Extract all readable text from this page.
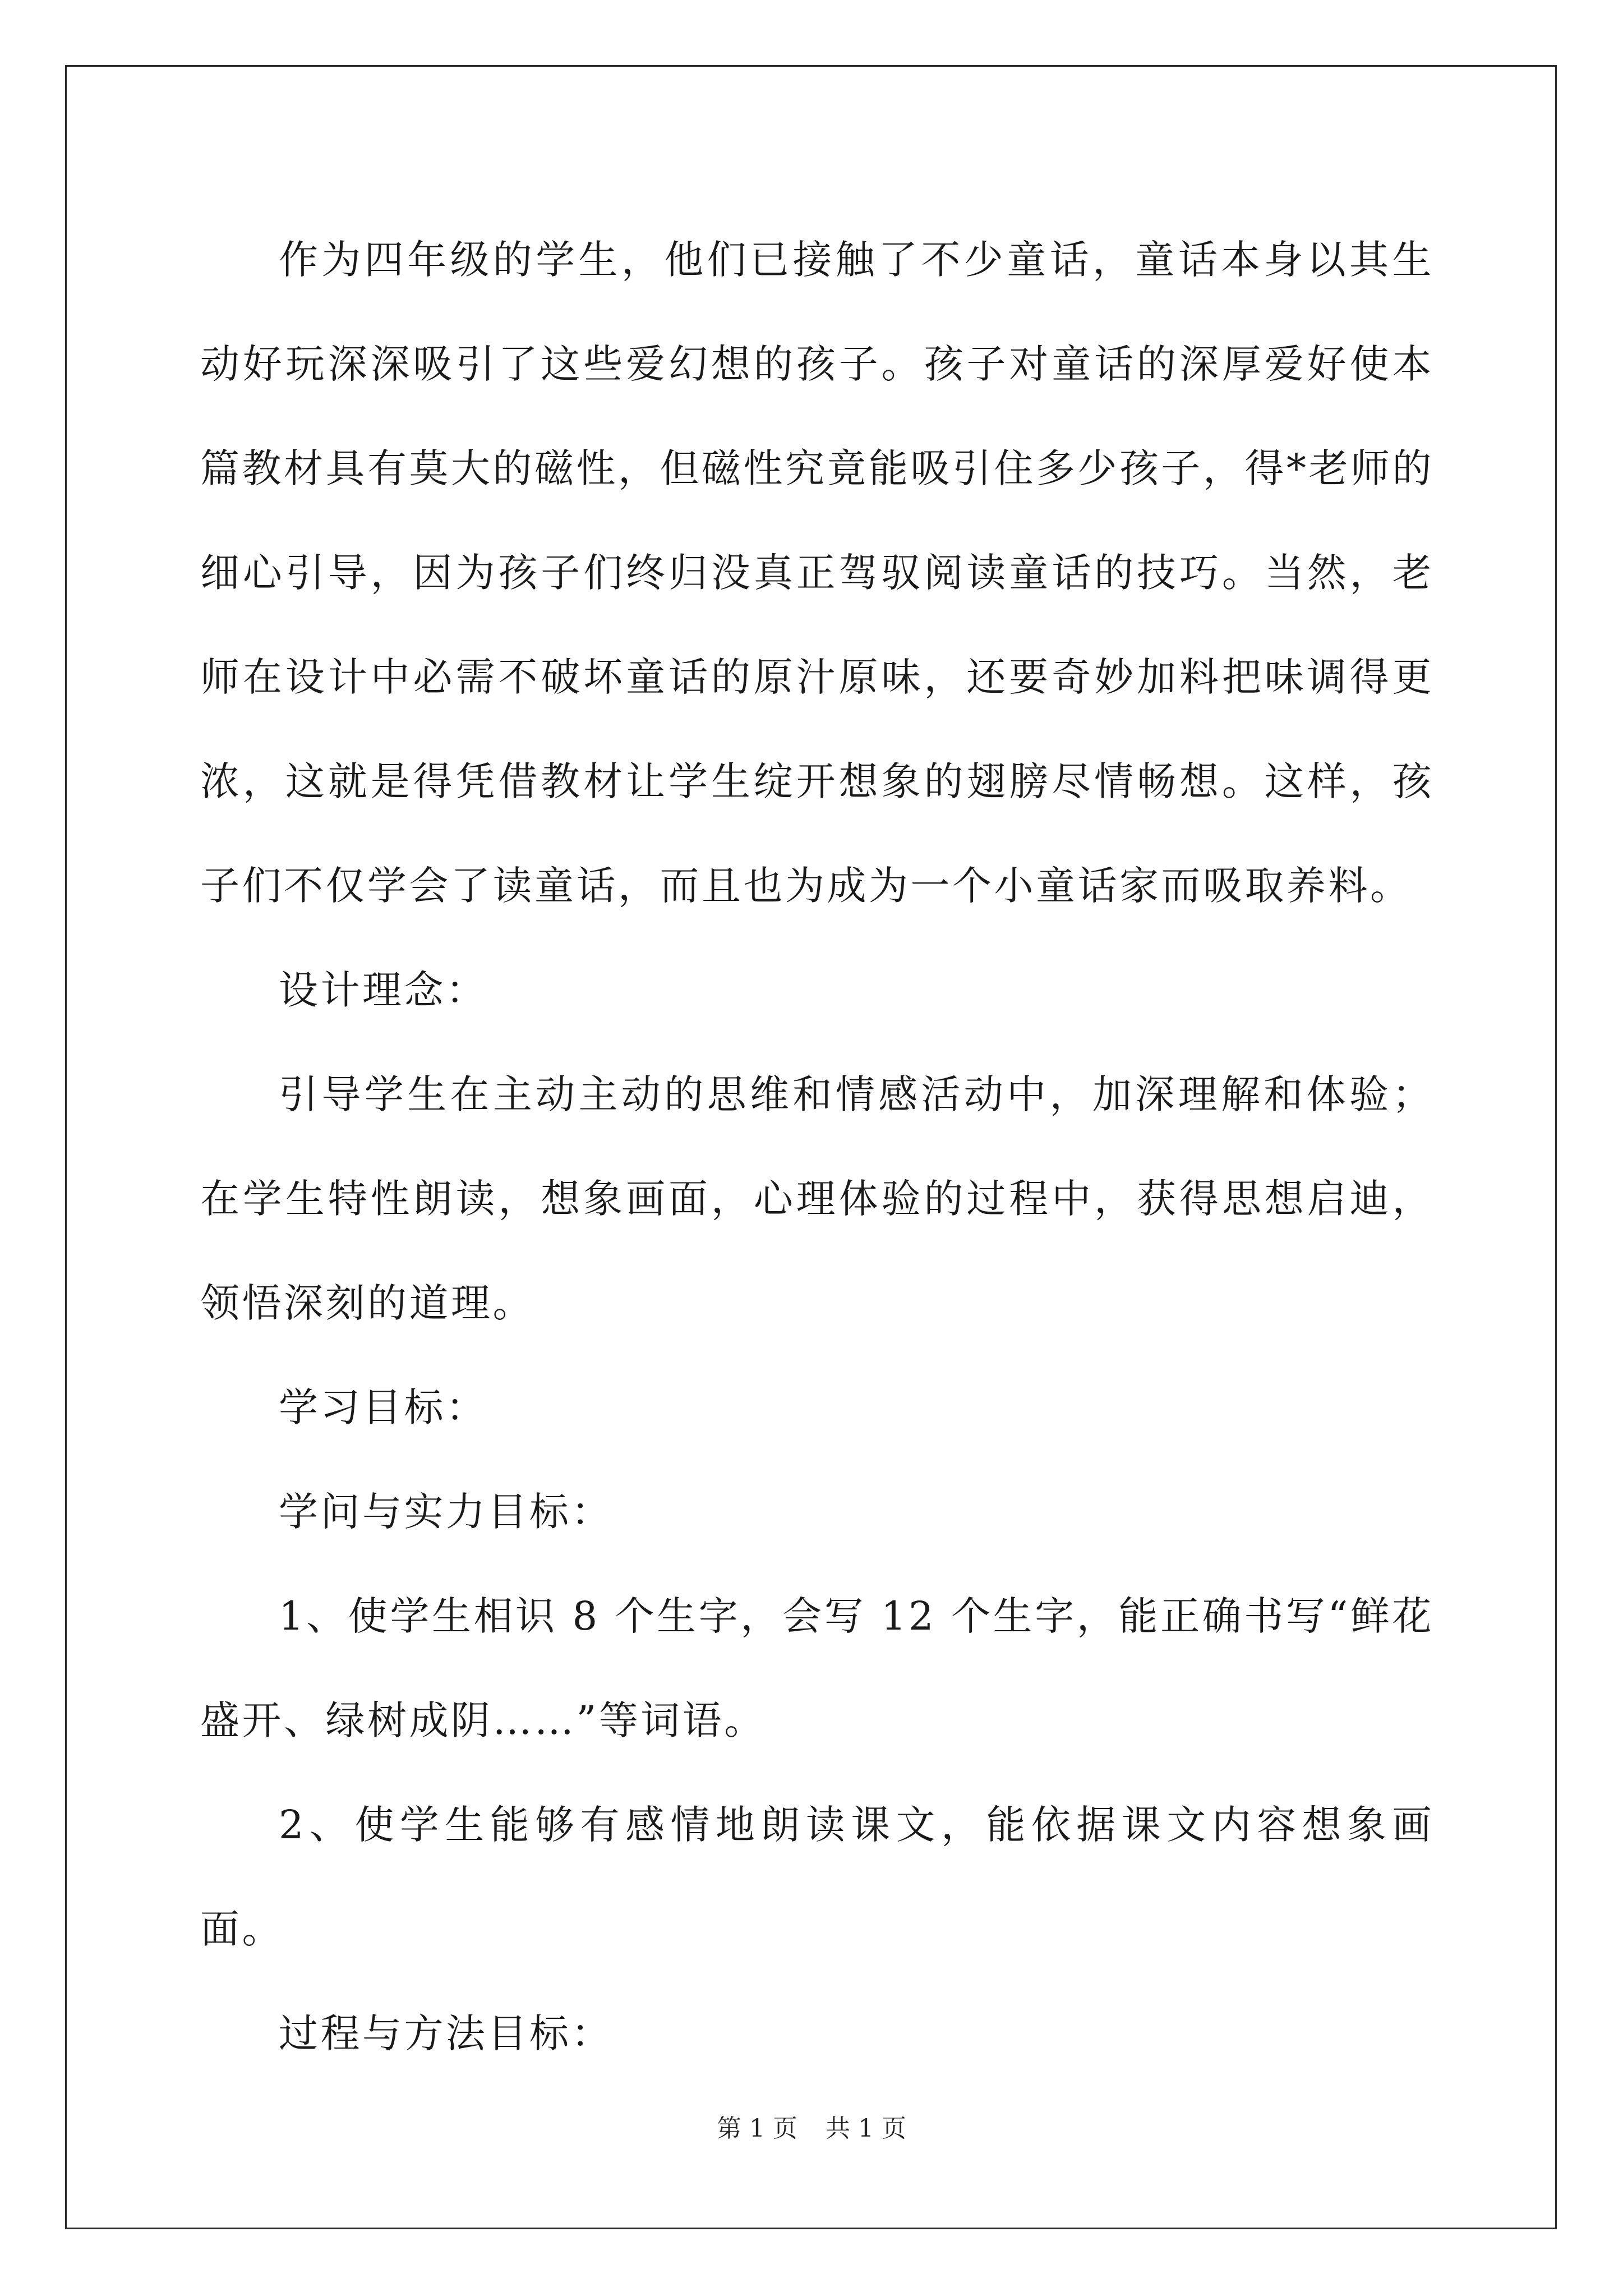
作为四年级的学生，他们已接触了不少童话，童话本身以其生动好玩深深吸引了这些爱幻想的孩子。孩子对童话的深厚爱好使本篇教材具有莫大的磁性，但磁性究竟能吸引住多少孩子，得*老师的细心引导，因为孩子们终归没真正驾驭阅读童话的技巧。当然，老师在设计中必需不破坏童话的原汁原味，还要奇妙加料把味调得更浓，这就是得凭借教材让学生绽开想象的翅膀尽情畅想。这样，孩子们不仅学会了读童话，而且也为成为一个小童话家而吸取养料。

设计理念：

引导学生在主动主动的思维和情感活动中，加深理解和体验；在学生特性朗读，想象画面，心理体验的过程中，获得思想启迪，领悟深刻的道理。

学习目标：

学问与实力目标：

1、使学生相识 8 个生字，会写 12 个生字，能正确书写“鲜花盛开、绿树成阴……”等词语。

2、使学生能够有感情地朗读课文，能依据课文内容想象画面。

过程与方法目标：

第 1 页 共 1 页
